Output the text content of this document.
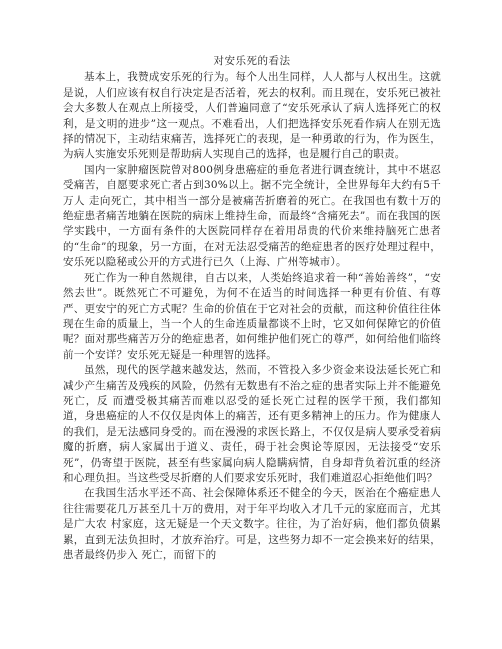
对安乐死的看法

基本上，我赞成安乐死的行为。每个人出生同样，人人都与人权出生。这就是说，人们应该有权自行决定是否活着，死去的权利。而且现在，安乐死已被社会大多数人在观点上所接受，人们普遍同意了“安乐死承认了病人选择死亡的权利，是文明的进步”这一观点。不难看出，人们把选择安乐死看作病人在别无选择的情况下，主动结束痛苦，选择死亡的表现，是一种勇敢的行为，作为医生，为病人实施安乐死则是帮助病人实现自己的选择，也是履行自己的职责。

国内一家肿瘤医院曾对800例身患癌症的垂危者进行调查统计，其中不堪忍受痛苦，自愿要求死亡者占到30%以上。据不完全统计，全世界每年大约有5千万人 走向死亡，其中相当一部分是被痛苦折磨着的死亡。在我国也有数十万的绝症患者痛苦地躺在医院的病床上维持生命，而最终“含痛死去”。而在我国的医学实践中，一方面有条件的大医院同样存在着用昂贵的代价来维持脑死亡患者的“生命”的现象，另一方面，在对无法忍受痛苦的绝症患者的医疗处理过程中，安乐死以隐秘或公开的方式进行已久（上海、广州等城市）。

死亡作为一种自然规律，自古以来，人类始终追求着一种“善始善终”，“安然去世”。既然死亡不可避免，为何不在适当的时间选择一种更有价值、有尊严、更安宁的死亡方式呢？生命的价值在于它对社会的贡献，而这种价值往往体现在生命的质量上，当一个人的生命连质量都谈不上时，它又如何保障它的价值呢？面对那些痛苦万分的绝症患者，如何维护他们死亡的尊严，如何给他们临终前一个安详？安乐死无疑是一种理智的选择。

虽然，现代的医学越来越发达，然而，不管投入多少资金来设法延长死亡和减少产生痛苦及残疾的风险，仍然有无数患有不治之症的患者实际上并不能避免死亡，反 而遭受极其痛苦而难以忍受的延长死亡过程的医学干预，我们都知道，身患癌症的人不仅仅是肉体上的痛苦，还有更多精神上的压力。作为健康人的我们，是无法感同身受的。而在漫漫的求医长路上，不仅仅是病人要承受着病魔的折磨，病人家属出于道义、责任，碍于社会舆论等原因，无法接受“安乐死”，仍寄望于医院，甚至有些家属向病人隐瞒病情，自身却背负着沉重的经济和心理负担。当这些受尽折磨的人们要求安乐死时，我们难道忍心拒绝他们吗？

在我国生活水平还不高、社会保障体系还不健全的今天，医治在个癌症患人往往需要花几万甚至几十万的费用，对于年平均收入才几千元的家庭而言，尤其是广大农 村家庭，这无疑是一个天文数字。往往，为了治好病，他们都负债累累，直到无法负担时，才放弃治疗。可是，这些努力却不一定会换来好的结果，患者最终仍步入 死亡，而留下的
